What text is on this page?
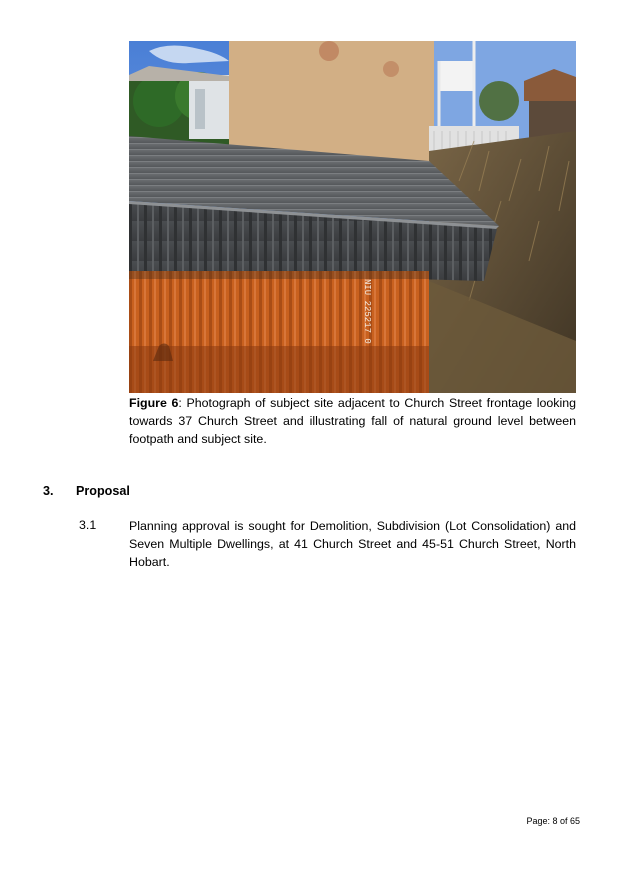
NIU 225217 0
Figure 6: Photograph of subject site adjacent to Church Street frontage looking towards 37 Church Street and illustrating fall of natural ground level between footpath and subject site.
3. Proposal
3.1	Planning approval is sought for Demolition, Subdivision (Lot Consolidation) and Seven Multiple Dwellings, at 41 Church Street and 45-51 Church Street, North Hobart.
Page: 8 of 65
